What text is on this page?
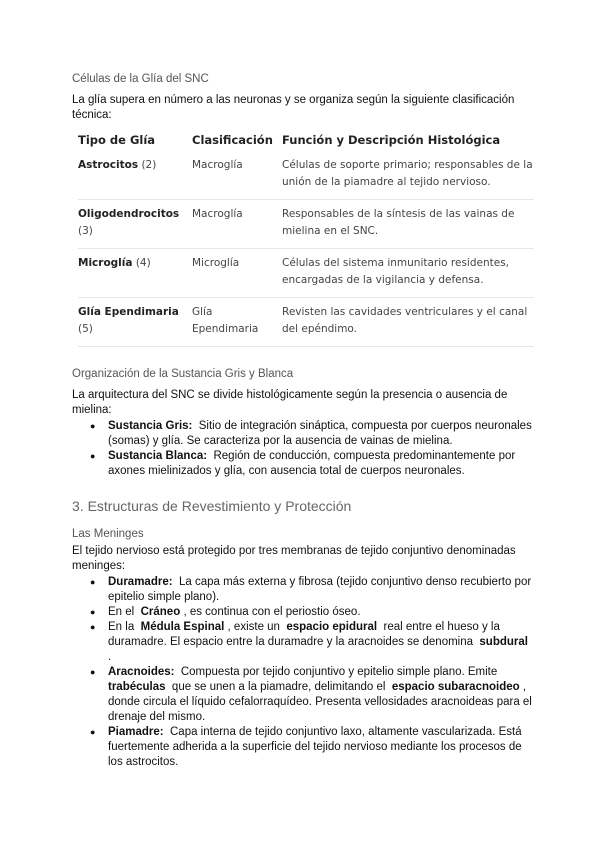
Células de la Glía del SNC

La glía supera en número a las neuronas y se organiza según la siguiente clasificación técnica:

Tipo de Glía	Clasificación	Función y Descripción Histológica
Astrocitos (2)	Macroglía	Células de soporte primario; responsables de la unión de la piamadre al tejido nervioso.
Oligodendrocitos (3)	Macroglía	Responsables de la síntesis de las vainas de mielina en el SNC.
Microglía (4)	Microglía	Células del sistema inmunitario residentes, encargadas de la vigilancia y defensa.
Glía Ependimaria (5)	Glía Ependimaria	Revisten las cavidades ventriculares y el canal del epéndimo.

Organización de la Sustancia Gris y Blanca

La arquitectura del SNC se divide histológicamente según la presencia o ausencia de mielina:

● Sustancia Gris: Sitio de integración sináptica, compuesta por cuerpos neuronales (somas) y glía. Se caracteriza por la ausencia de vainas de mielina.
● Sustancia Blanca: Región de conducción, compuesta predominantemente por axones mielinizados y glía, con ausencia total de cuerpos neuronales.

3. Estructuras de Revestimiento y Protección

Las Meninges

El tejido nervioso está protegido por tres membranas de tejido conjuntivo denominadas meninges:

● Duramadre: La capa más externa y fibrosa (tejido conjuntivo denso recubierto por epitelio simple plano).
● En el Cráneo , es continua con el periostio óseo.
● En la Médula Espinal , existe un espacio epidural real entre el hueso y la duramadre. El espacio entre la duramadre y la aracnoides se denomina subdural .
● Aracnoides: Compuesta por tejido conjuntivo y epitelio simple plano. Emite trabéculas que se unen a la piamadre, delimitando el espacio subaracnoideo , donde circula el líquido cefalorraquídeo. Presenta vellosidades aracnoideas para el drenaje del mismo.
● Piamadre: Capa interna de tejido conjuntivo laxo, altamente vascularizada. Está fuertemente adherida a la superficie del tejido nervioso mediante los procesos de los astrocitos.
